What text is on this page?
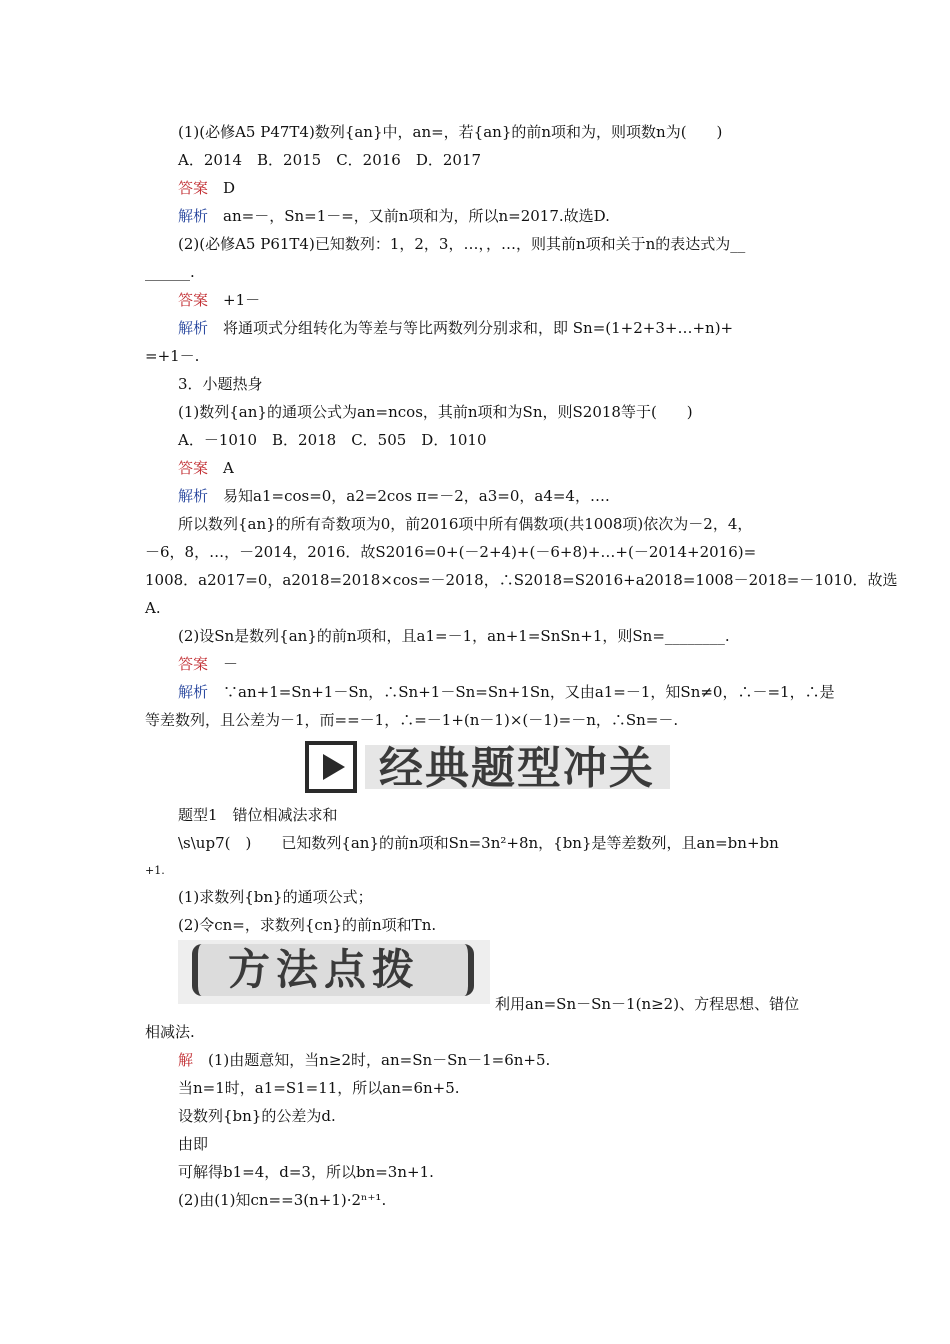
(1)(必修A5 P47T4)数列{an}中，an=，若{an}的前n项和为，则项数n为(　　)
A．2014　B．2015　C．2016　D．2017
答案　D
解析　an=－，Sn=1－=，又前n项和为，所以n=2017.故选D.
(2)(必修A5 P61T4)已知数列：1，2，3，…，，…，则其前n项和关于n的表达式为__
______.
答案　+1－
解析　将通项式分组转化为等差与等比两数列分别求和，即 Sn=(1+2+3+…+n)+
=+1－.
3．小题热身
(1)数列{an}的通项公式为an=ncos，其前n项和为Sn，则S2018等于(　　)
A．－1010　B．2018　C．505　D．1010
答案　A
解析　易知a1=cos=0，a2=2cos π=－2，a3=0，a4=4，….
所以数列{an}的所有奇数项为0，前2016项中所有偶数项(共1008项)依次为－2，4，
－6，8，…，－2014，2016．故S2016=0+(－2+4)+(－6+8)+…+(－2014+2016)=
1008．a2017=0，a2018=2018×cos=－2018，∴S2018=S2016+a2018=1008－2018=－1010．故选
A.
(2)设Sn是数列{an}的前n项和，且a1=－1，an+1=SnSn+1，则Sn=________.
答案　－
解析　∵an+1=Sn+1－Sn，∴Sn+1－Sn=Sn+1Sn，又由a1=－1，知Sn≠0，∴－=1，∴是
等差数列，且公差为－1，而==－1，∴=－1+(n－1)×(－1)=－n，∴Sn=－.
经典题型冲关
题型1　错位相减法求和
\s\up7(　)　　已知数列{an}的前n项和Sn=3n²+8n，{bn}是等差数列，且an=bn+bn
+1.
(1)求数列{bn}的通项公式；
(2)令cn=，求数列{cn}的前n项和Tn.
方法点拨
利用an=Sn－Sn－1(n≥2)、方程思想、错位
相减法.
解　(1)由题意知，当n≥2时，an=Sn－Sn－1=6n+5.
当n=1时，a1=S1=11，所以an=6n+5.
设数列{bn}的公差为d.
由即
可解得b1=4，d=3，所以bn=3n+1.
(2)由(1)知cn==3(n+1)·2ⁿ⁺¹.
